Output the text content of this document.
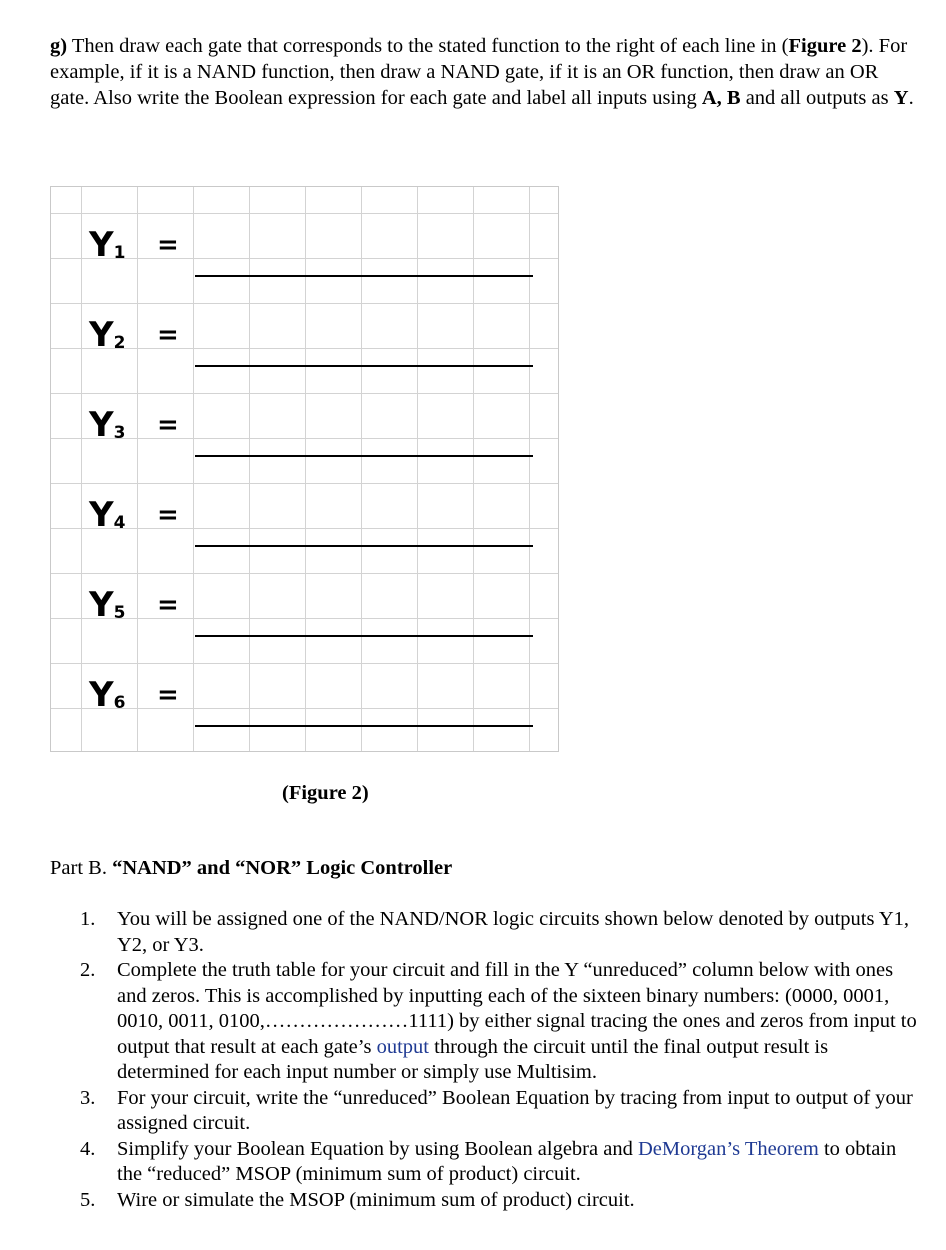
g) Then draw each gate that corresponds to the stated function to the right of each line in (Figure 2). For example, if it is a NAND function, then draw a NAND gate, if it is an OR function, then draw an OR gate. Also write the Boolean expression for each gate and label all inputs using A, B and all outputs as Y.

Y1 =
Y2 =
Y3 =
Y4 =
Y5 =
Y6 =
(Figure 2)
Part B. “NAND” and “NOR” Logic Controller
1. You will be assigned one of the NAND/NOR logic circuits shown below denoted by outputs Y1, Y2, or Y3.
2. Complete the truth table for your circuit and fill in the Y “unreduced” column below with ones and zeros. This is accomplished by inputting each of the sixteen binary numbers: (0000, 0001, 0010, 0011, 0100,…………………1111) by either signal tracing the ones and zeros from input to output that result at each gate’s output through the circuit until the final output result is determined for each input number or simply use Multisim.
3. For your circuit, write the “unreduced” Boolean Equation by tracing from input to output of your assigned circuit.
4. Simplify your Boolean Equation by using Boolean algebra and DeMorgan’s Theorem to obtain the “reduced” MSOP (minimum sum of product) circuit.
5. Wire or simulate the MSOP (minimum sum of product) circuit.
